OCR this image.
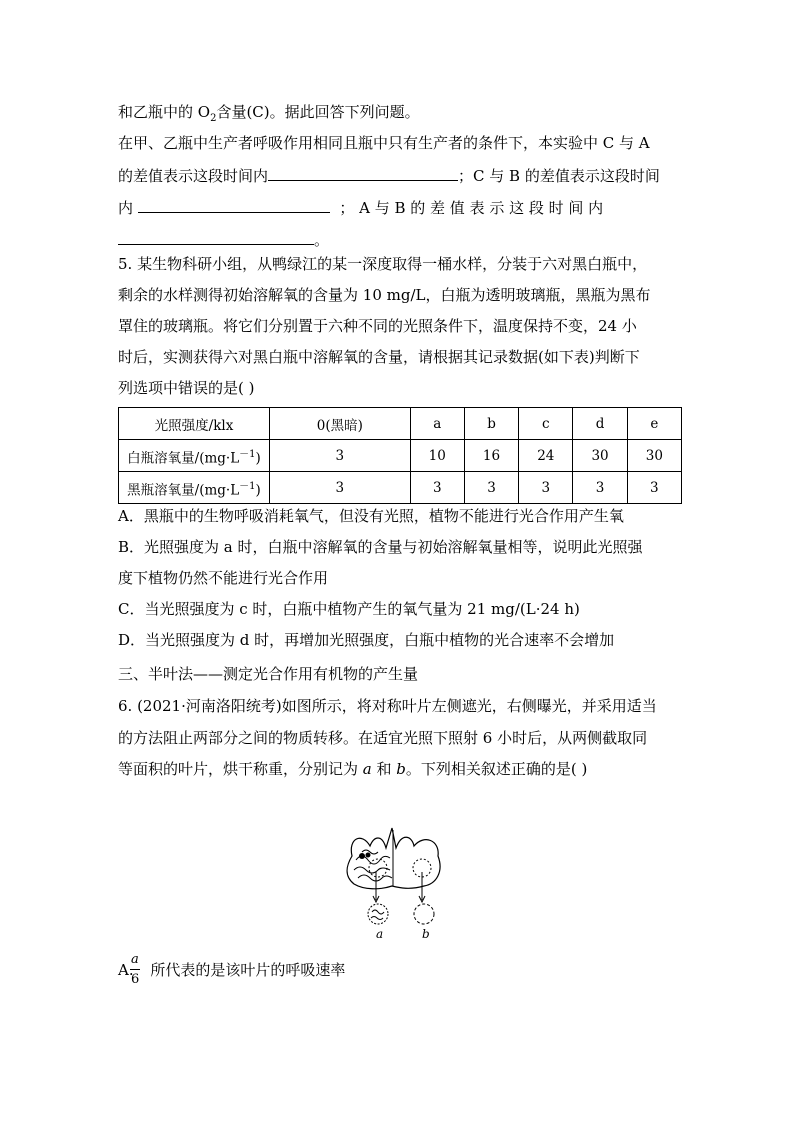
和乙瓶中的 $O_2$含量(C)。据此回答下列问题。
在甲、乙瓶中生产者呼吸作用相同且瓶中只有生产者的条件下，本实验中 C 与 A
的差值表示这段时间内	；C 与 B 的差值表示这段时间
内	； A 与 B 的 差 值 表 示 这 段 时 间 内
。
5. 某生物科研小组，从鸭绿江的某一深度取得一桶水样，分装于六对黑白瓶中，
剩余的水样测得初始溶解氧的含量为 10 mg/L，白瓶为透明玻璃瓶，黑瓶为黑布
罩住的玻璃瓶。将它们分别置于六种不同的光照条件下，温度保持不变，24 小
时后，实测获得六对黑白瓶中溶解氧的含量，请根据其记录数据(如下表)判断下
列选项中错误的是( )
光照强度/klx	0(黑暗)	a	b	c	d	e
白瓶溶氧量$/(mg\cdot L^{-1})$	3	10	16	24	30	30
黑瓶溶氧量$/(mg\cdot L^{-1})$	3	3	3	3	3	3
A．黑瓶中的生物呼吸消耗氧气，但没有光照，植物不能进行光合作用产生氧
B．光照强度为 a 时，白瓶中溶解氧的含量与初始溶解氧量相等，说明此光照强
度下植物仍然不能进行光合作用
C．当光照强度为 c 时，白瓶中植物产生的氧气量为 21 mg/(L·24 h)
D．当光照强度为 d 时，再增加光照强度，白瓶中植物的光合速率不会增加
三、半叶法——测定光合作用有机物的产生量
6. (2021·河南洛阳统考)如图所示，将对称叶片左侧遮光，右侧曝光，并采用适当
的方法阻止两部分之间的物质转移。在适宜光照下照射 6 小时后，从两侧截取同
等面积的叶片，烘干称重，分别记为 a 和 b。下列相关叙述正确的是( )
a	b
A.
a
6
所代表的是该叶片的呼吸速率
